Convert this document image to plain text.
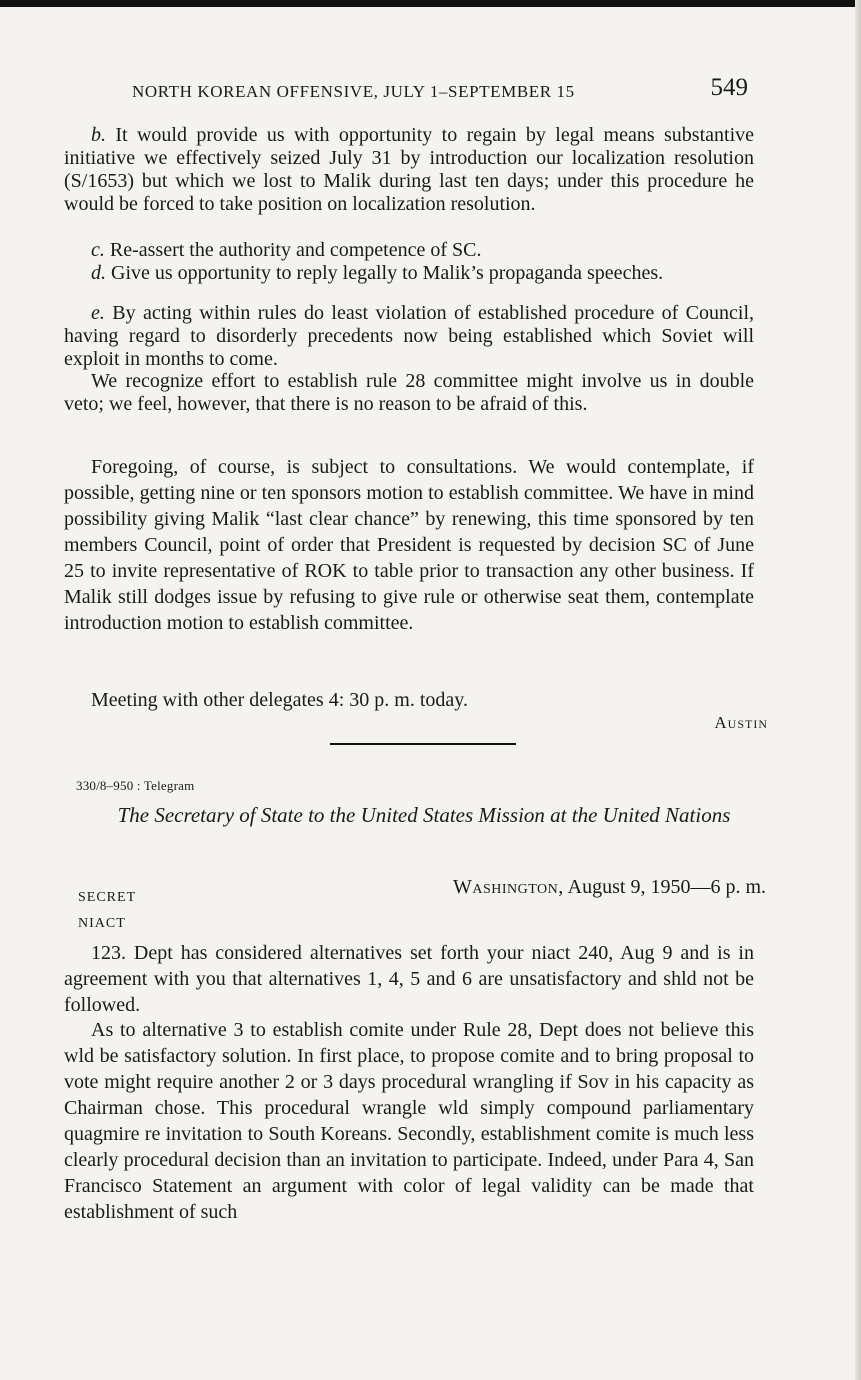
NORTH KOREAN OFFENSIVE, JULY 1–SEPTEMBER 15	549

b. It would provide us with opportunity to regain by legal means substantive initiative we effectively seized July 31 by introduction our localization resolution (S/1653) but which we lost to Malik during last ten days; under this procedure he would be forced to take position on localization resolution.

c. Re-assert the authority and competence of SC.

d. Give us opportunity to reply legally to Malik’s propaganda speeches.

e. By acting within rules do least violation of established procedure of Council, having regard to disorderly precedents now being established which Soviet will exploit in months to come.

We recognize effort to establish rule 28 committee might involve us in double veto; we feel, however, that there is no reason to be afraid of this.

Foregoing, of course, is subject to consultations. We would contemplate, if possible, getting nine or ten sponsors motion to establish committee. We have in mind possibility giving Malik “last clear chance” by renewing, this time sponsored by ten members Council, point of order that President is requested by decision SC of June 25 to invite representative of ROK to table prior to transaction any other business. If Malik still dodges issue by refusing to give rule or otherwise seat them, contemplate introduction motion to establish committee.

Meeting with other delegates 4: 30 p. m. today.

Austin
330/8–950 : Telegram
The Secretary of State to the United States Mission at the United Nations
SECRET
NIACT
Washington, August 9, 1950—6 p. m.

123. Dept has considered alternatives set forth your niact 240, Aug 9 and is in agreement with you that alternatives 1, 4, 5 and 6 are unsatisfactory and shld not be followed.

As to alternative 3 to establish comite under Rule 28, Dept does not believe this wld be satisfactory solution. In first place, to propose comite and to bring proposal to vote might require another 2 or 3 days procedural wrangling if Sov in his capacity as Chairman chose. This procedural wrangle wld simply compound parliamentary quagmire re invitation to South Koreans. Secondly, establishment comite is much less clearly procedural decision than an invitation to participate. Indeed, under Para 4, San Francisco Statement an argument with color of legal validity can be made that establishment of such
